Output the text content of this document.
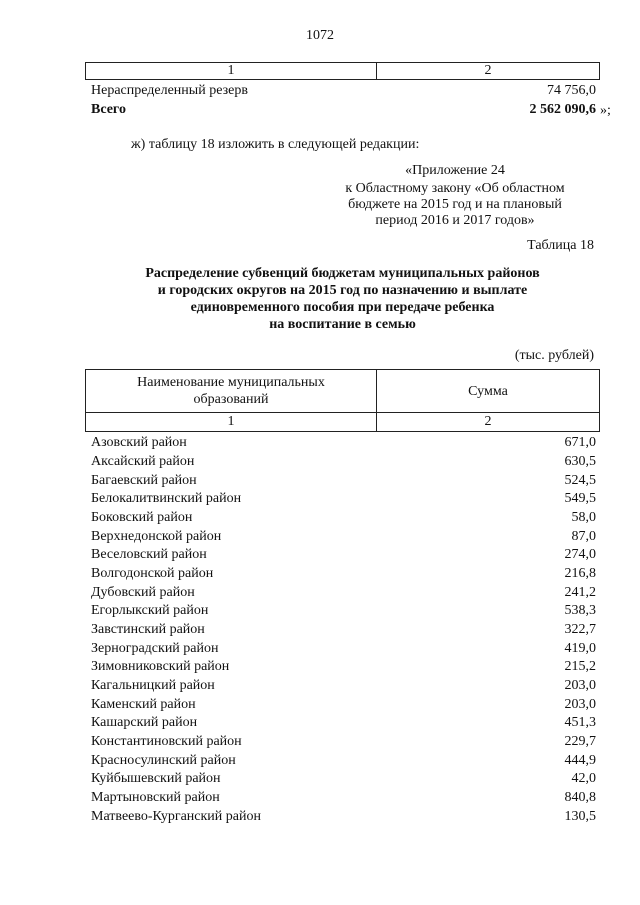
1072
1	2
Нераспределенный резерв	74 756,0
Всего	2 562 090,6 »;
ж) таблицу 18 изложить в следующей редакции:
«Приложение 24
к Областному закону «Об областном
бюджете на 2015 год и на плановый
период 2016 и 2017 годов»
Таблица 18
Распределение субвенций бюджетам муниципальных районов
и городских округов на 2015 год по назначению и выплате
единовременного пособия при передаче ребенка
на воспитание в семью
(тыс. рублей)
Наименование муниципальных образований	Сумма
1	2
Азовский район	671,0
Аксайский район	630,5
Багаевский район	524,5
Белокалитвинский район	549,5
Боковский район	58,0
Верхнедонской район	87,0
Веселовский район	274,0
Волгодонской район	216,8
Дубовский район	241,2
Егорлыкский район	538,3
Завстинский район	322,7
Зерноградский район	419,0
Зимовниковский район	215,2
Кагальницкий район	203,0
Каменский район	203,0
Кашарский район	451,3
Константиновский район	229,7
Красносулинский район	444,9
Куйбышевский район	42,0
Мартыновский район	840,8
Матвеево-Курганский район	130,5
